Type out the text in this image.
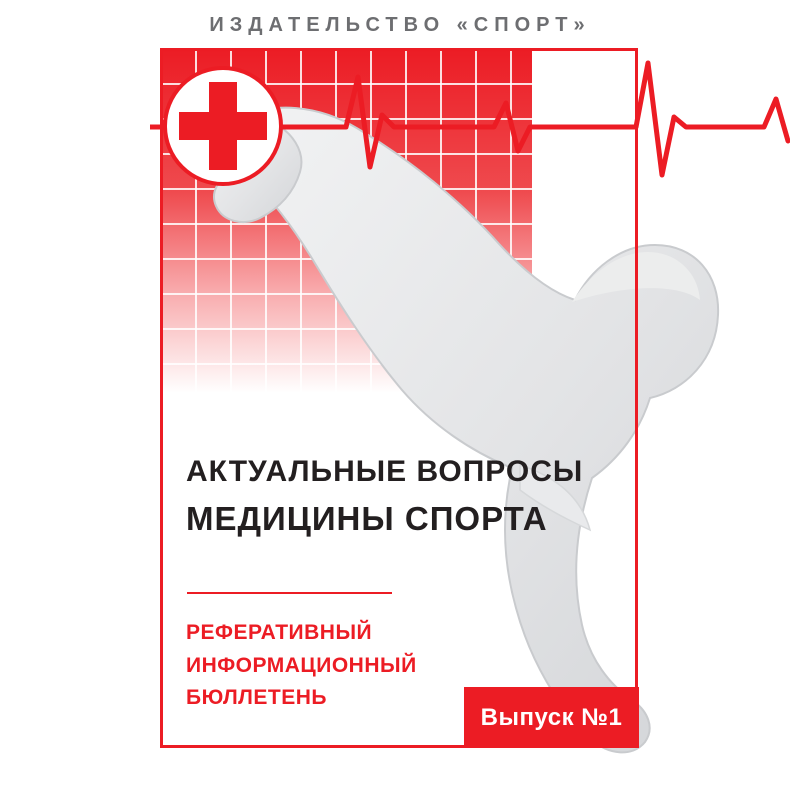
ИЗДАТЕЛЬСТВО «СПОРТ»
АКТУАЛЬНЫЕ ВОПРОСЫ
МЕДИЦИНЫ СПОРТА
РЕФЕРАТИВНЫЙ
ИНФОРМАЦИОННЫЙ
БЮЛЛЕТЕНЬ
Выпуск №1
